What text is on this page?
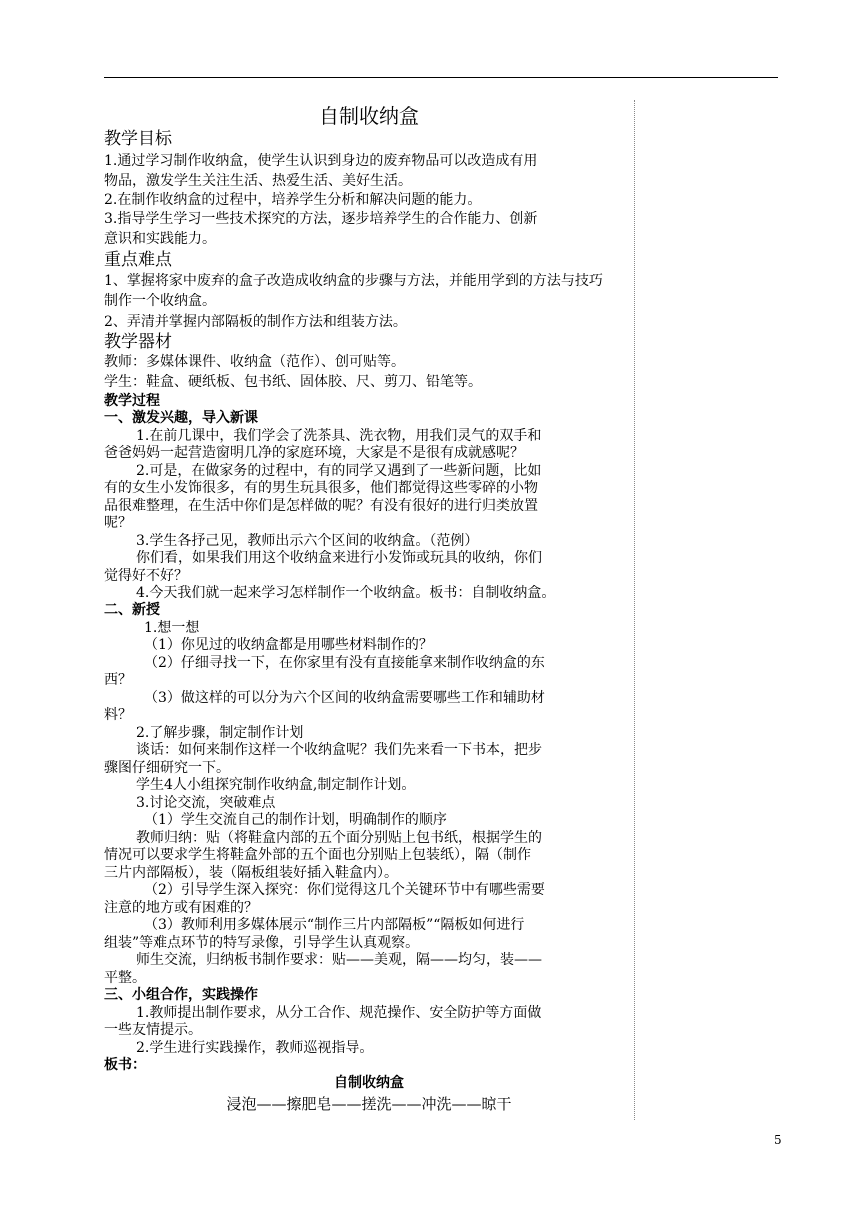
自制收纳盒
教学目标
1.通过学习制作收纳盒，使学生认识到身边的废弃物品可以改造成有用
物品，激发学生关注生活、热爱生活、美好生活。
2.在制作收纳盒的过程中，培养学生分析和解决问题的能力。
3.指导学生学习一些技术探究的方法，逐步培养学生的合作能力、创新
意识和实践能力。
重点难点
1、掌握将家中废弃的盒子改造成收纳盒的步骤与方法，并能用学到的方法与技巧
制作一个收纳盒。
2、弄清并掌握内部隔板的制作方法和组装方法。
教学器材
教师：多媒体课件、收纳盒（范作）、创可贴等。
学生：鞋盒、硬纸板、包书纸、固体胶、尺、剪刀、铅笔等。
教学过程
一、激发兴趣，导入新课
1.在前几课中，我们学会了洗茶具、洗衣物，用我们灵气的双手和
爸爸妈妈一起营造窗明几净的家庭环境，大家是不是很有成就感呢？
2.可是，在做家务的过程中，有的同学又遇到了一些新问题，比如
有的女生小发饰很多，有的男生玩具很多，他们都觉得这些零碎的小物
品很难整理，在生活中你们是怎样做的呢？有没有很好的进行归类放置
呢？
3.学生各抒己见，教师出示六个区间的收纳盒。（范例）
你们看，如果我们用这个收纳盒来进行小发饰或玩具的收纳，你们
觉得好不好？
4.今天我们就一起来学习怎样制作一个收纳盒。板书：自制收纳盒。
二、新授
1.想一想
（1）你见过的收纳盒都是用哪些材料制作的？
（2）仔细寻找一下，在你家里有没有直接能拿来制作收纳盒的东
西？
（3）做这样的可以分为六个区间的收纳盒需要哪些工作和辅助材
料？
2.了解步骤，制定制作计划
谈话：如何来制作这样一个收纳盒呢？我们先来看一下书本，把步
骤图仔细研究一下。
学生4人小组探究制作收纳盒,制定制作计划。
3.讨论交流，突破难点
（1）学生交流自己的制作计划，明确制作的顺序
教师归纳：贴（将鞋盒内部的五个面分别贴上包书纸，根据学生的
情况可以要求学生将鞋盒外部的五个面也分别贴上包装纸），隔（制作
三片内部隔板），装（隔板组装好插入鞋盒内）。
（2）引导学生深入探究：你们觉得这几个关键环节中有哪些需要
注意的地方或有困难的？
（3）教师利用多媒体展示“制作三片内部隔板”“隔板如何进行
组装”等难点环节的特写录像，引导学生认真观察。
师生交流，归纳板书制作要求：贴——美观，隔——均匀，装——
平整。
三、小组合作，实践操作
1.教师提出制作要求，从分工合作、规范操作、安全防护等方面做
一些友情提示。
2.学生进行实践操作，教师巡视指导。
板书：
自制收纳盒
浸泡——擦肥皂——搓洗——冲洗——晾干
5
